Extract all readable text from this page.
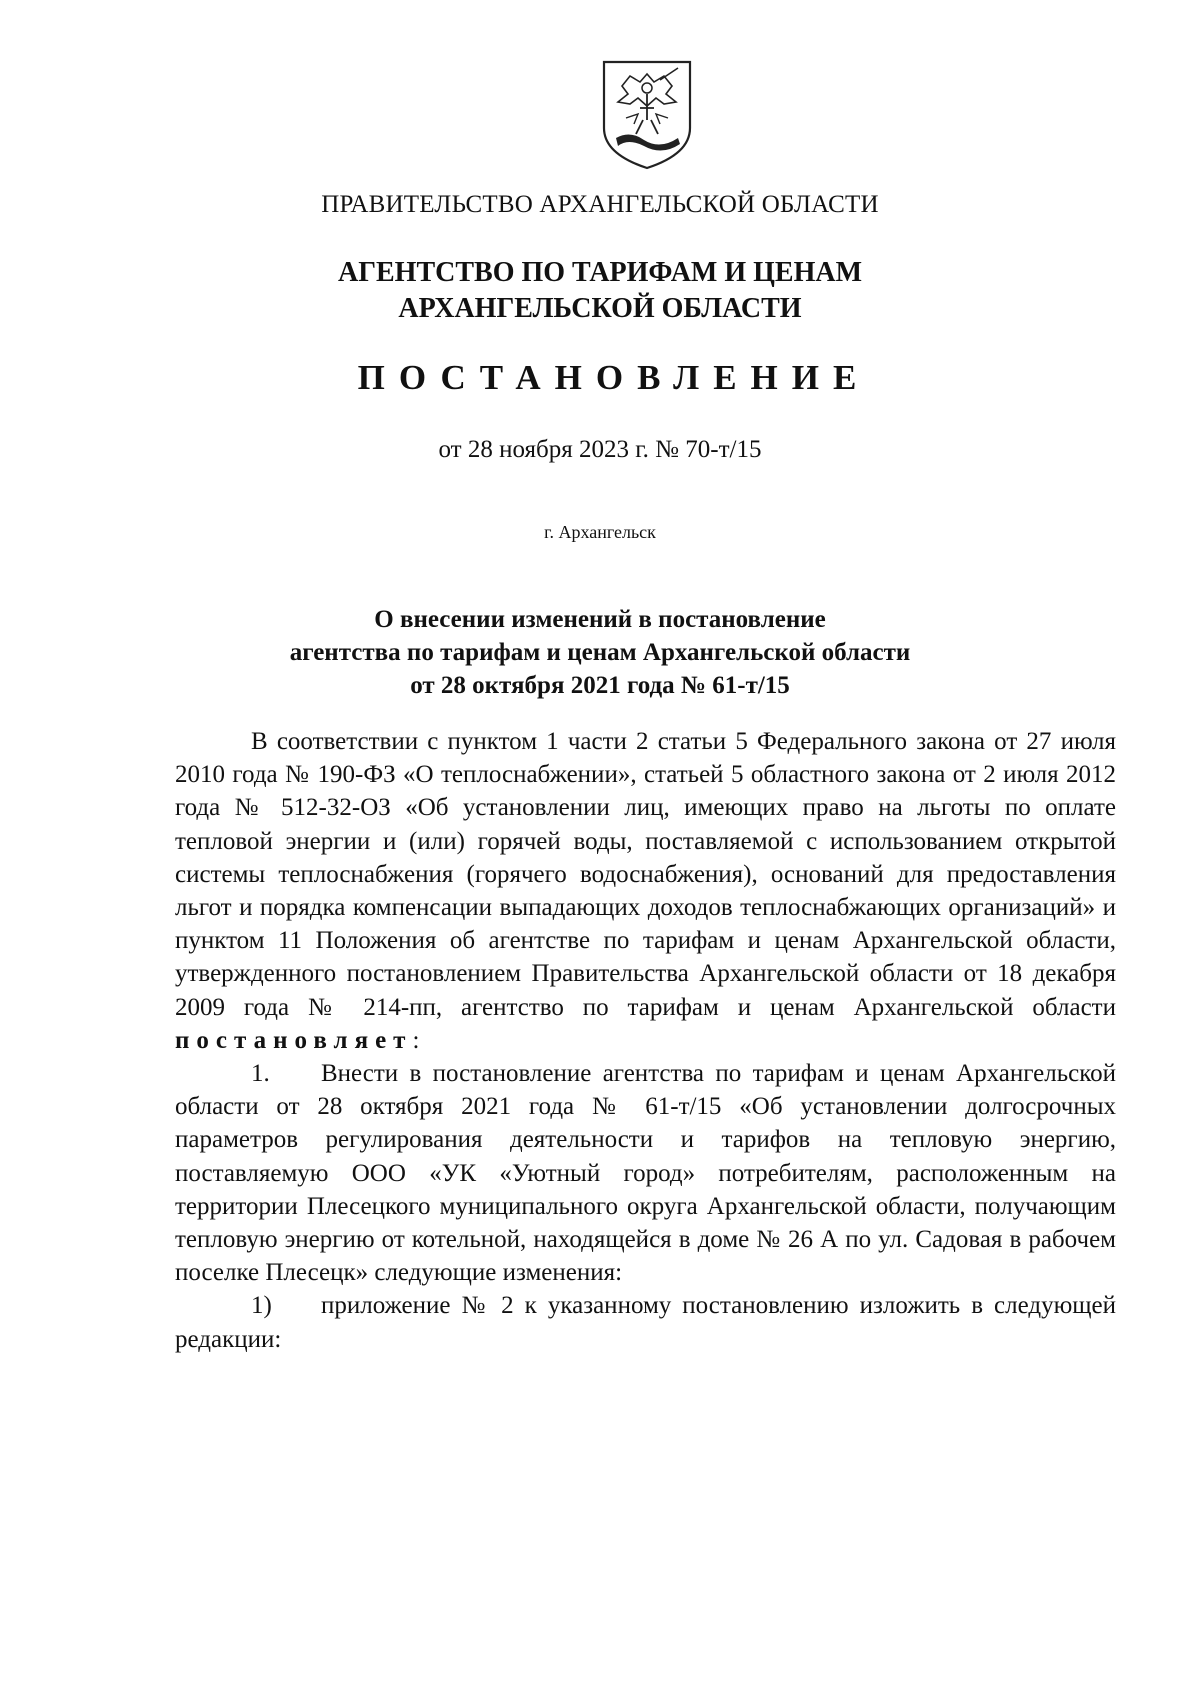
ПРАВИТЕЛЬСТВО АРХАНГЕЛЬСКОЙ ОБЛАСТИ
АГЕНТСТВО ПО ТАРИФАМ И ЦЕНАМ
АРХАНГЕЛЬСКОЙ ОБЛАСТИ
ПОСТАНОВЛЕНИЕ
от 28 ноября 2023 г. № 70-т/15
г. Архангельск
О внесении изменений в постановление
агентства по тарифам и ценам Архангельской области
от 28 октября 2021 года № 61-т/15

В соответствии с пунктом 1 части 2 статьи 5 Федерального закона от 27 июля 2010 года № 190-ФЗ «О теплоснабжении», статьей 5 областного закона от 2 июля 2012 года № 512-32-ОЗ «Об установлении лиц, имеющих право на льготы по оплате тепловой энергии и (или) горячей воды, поставляемой с использованием открытой системы теплоснабжения (горячего водоснабжения), оснований для предоставления льгот и порядка компенсации выпадающих доходов теплоснабжающих организаций» и пунктом 11 Положения об агентстве по тарифам и ценам Архангельской области, утвержденного постановлением Правительства Архангельской области от 18 декабря 2009 года № 214-пп, агентство по тарифам и ценам Архангельской области постановляет:

1. Внести в постановление агентства по тарифам и ценам Архангельской области от 28 октября 2021 года № 61-т/15 «Об установлении долгосрочных параметров регулирования деятельности и тарифов на тепловую энергию, поставляемую ООО «УК «Уютный город» потребителям, расположенным на территории Плесецкого муниципального округа Архангельской области, получающим тепловую энергию от котельной, находящейся в доме № 26 А по ул. Садовая в рабочем поселке Плесецк» следующие изменения:

1) приложение № 2 к указанному постановлению изложить в следующей редакции:
